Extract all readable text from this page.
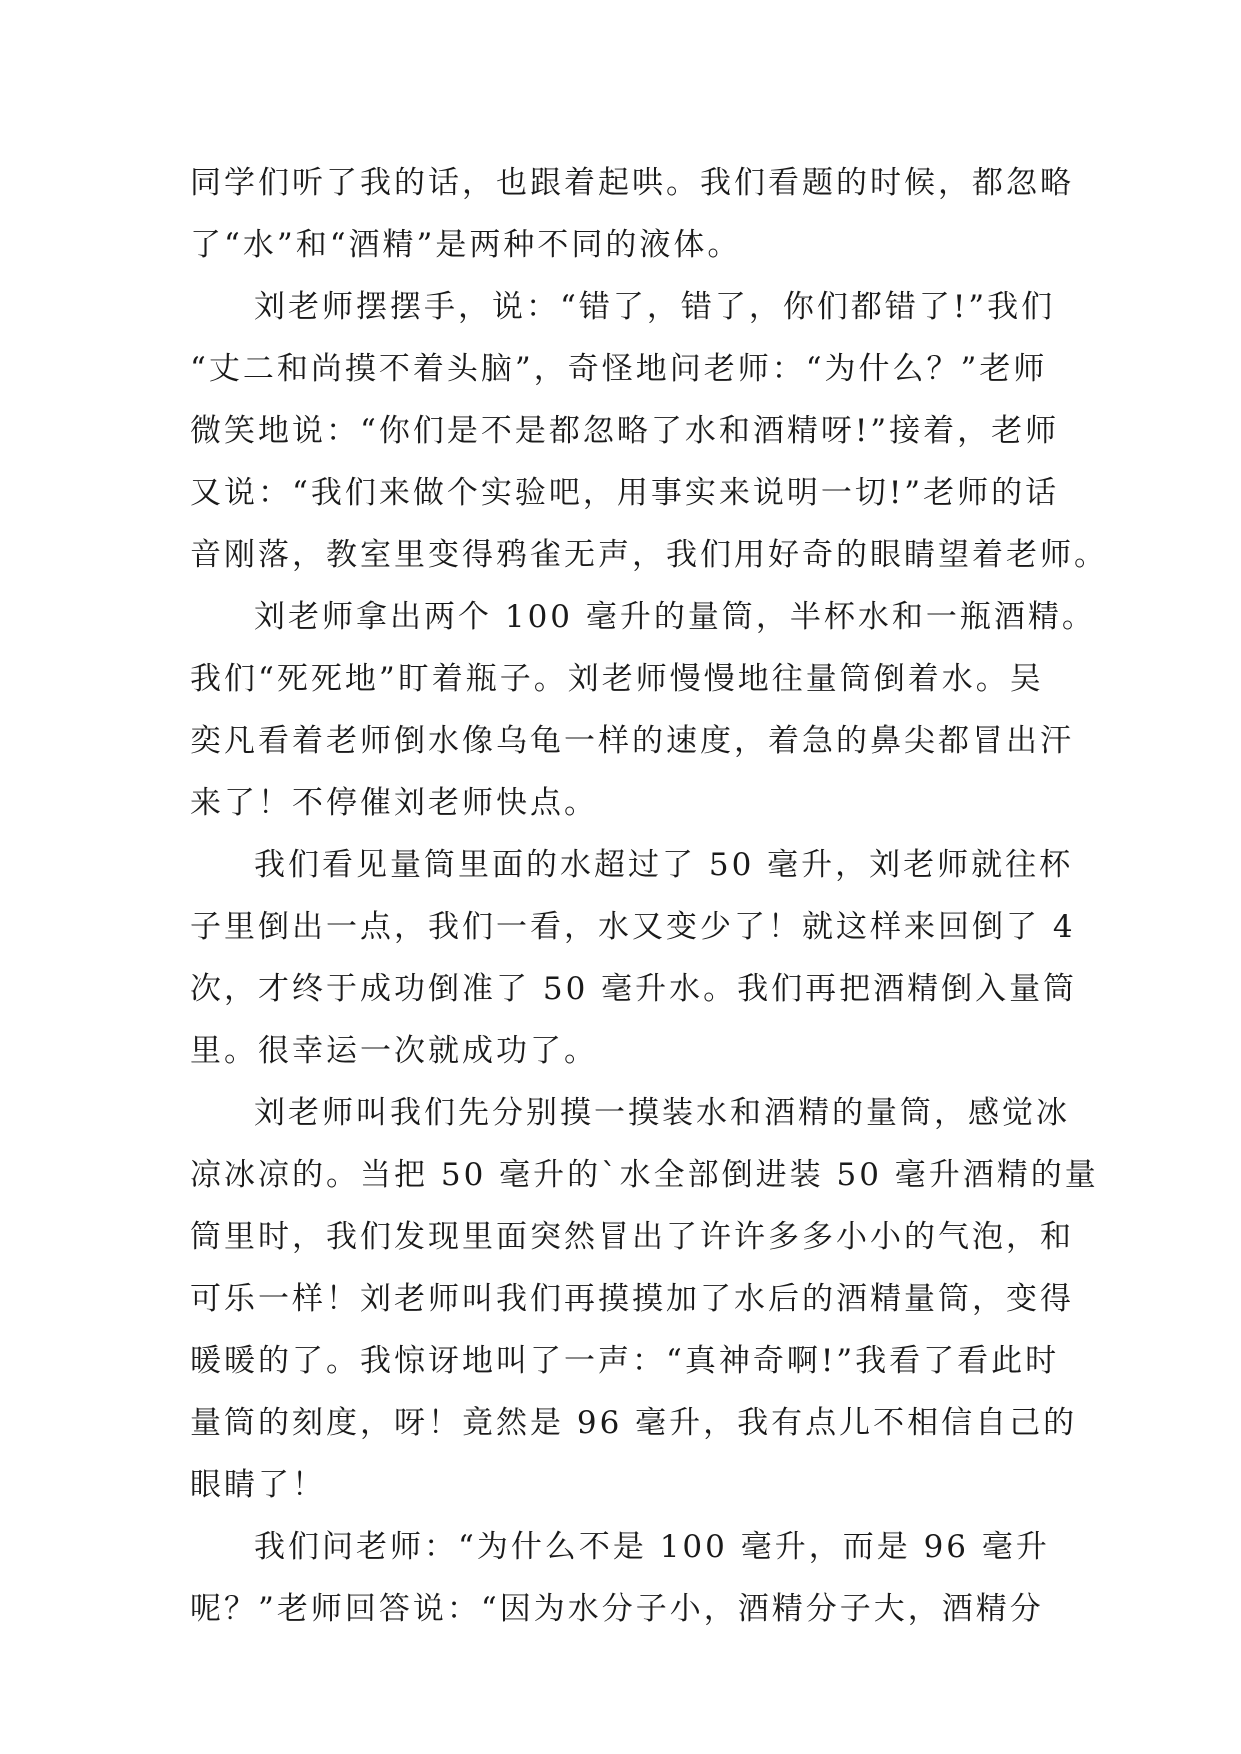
同学们听了我的话，也跟着起哄。我们看题的时候，都忽略
了“水”和“酒精”是两种不同的液体。
刘老师摆摆手，说：“错了，错了，你们都错了!”我们
“丈二和尚摸不着头脑”，奇怪地问老师：“为什么？”老师
微笑地说：“你们是不是都忽略了水和酒精呀!”接着，老师
又说：“我们来做个实验吧，用事实来说明一切!”老师的话
音刚落，教室里变得鸦雀无声，我们用好奇的眼睛望着老师。
刘老师拿出两个 100 毫升的量筒，半杯水和一瓶酒精。
我们“死死地”盯着瓶子。刘老师慢慢地往量筒倒着水。吴
奕凡看着老师倒水像乌龟一样的速度，着急的鼻尖都冒出汗
来了！不停催刘老师快点。
我们看见量筒里面的水超过了 50 毫升，刘老师就往杯
子里倒出一点，我们一看，水又变少了！就这样来回倒了 4
次，才终于成功倒准了 50 毫升水。我们再把酒精倒入量筒
里。很幸运一次就成功了。
刘老师叫我们先分别摸一摸装水和酒精的量筒，感觉冰
凉冰凉的。当把 50 毫升的`水全部倒进装 50 毫升酒精的量
筒里时，我们发现里面突然冒出了许许多多小小的气泡，和
可乐一样！刘老师叫我们再摸摸加了水后的酒精量筒，变得
暖暖的了。我惊讶地叫了一声：“真神奇啊!”我看了看此时
量筒的刻度，呀！竟然是 96 毫升，我有点儿不相信自己的
眼睛了！
我们问老师：“为什么不是 100 毫升，而是 96 毫升
呢？”老师回答说：“因为水分子小，酒精分子大，酒精分
